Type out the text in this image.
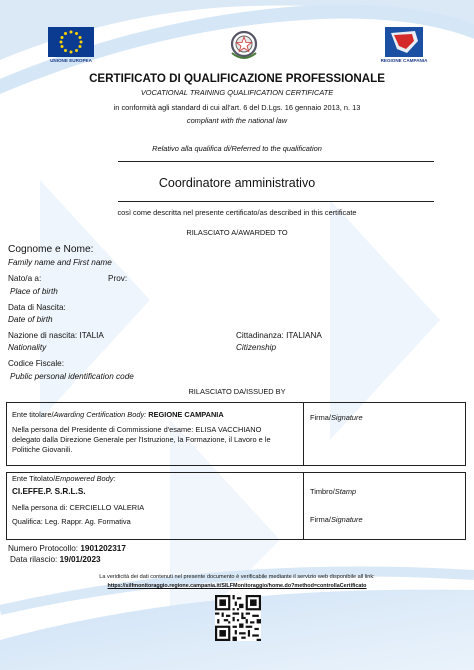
UNIONE EUROPEA	REGIONE CAMPANIA
CERTIFICATO DI QUALIFICAZIONE PROFESSIONALE
VOCATIONAL TRAINING QUALIFICATION CERTIFICATE
in conformità agli standard di cui all'art. 6 del D.Lgs. 16 gennaio 2013, n. 13
compliant with the national law
Relativo alla qualifica di/Referred to the qualification
Coordinatore amministrativo
così come descritta nel presente certificato/as described in this certificate
RILASCIATO A/AWARDED TO
Cognome e Nome:
Family name and First name
Nato/a a:	Prov:
Place of birth
Data di Nascita:
Date of birth
Nazione di nascita: ITALIA
Nationality
Cittadinanza: ITALIANA
Citizenship
Codice Fiscale:
Public personal identification code
RILASCIATO DA/ISSUED BY
Ente titolare/Awarding Certification Body: REGIONE CAMPANIA
Nella persona del Presidente di Commissione d'esame: ELISA VACCHIANO
delegato dalla Direzione Generale per l'Istruzione, la Formazione, il Lavoro e le
Politiche Giovanili.
Firma/Signature
Ente Titolato/Empowered Body:
CI.EFFE.P. S.R.L.S.
Nella persona di: CERCIELLO VALERIA
Qualifica: Leg. Rappr. Ag. Formativa
Timbro/Stamp
Firma/Signature
Numero Protocollo: 1901202317
Data rilascio: 19/01/2023
La veridicità dei dati contenuti nel presente documento è verificabile mediante il servizio web disponibile all link:
https://silfmonitoraggio.regione.campania.it/SILFMonitoraggio/home.do?method=controllaCertificato
